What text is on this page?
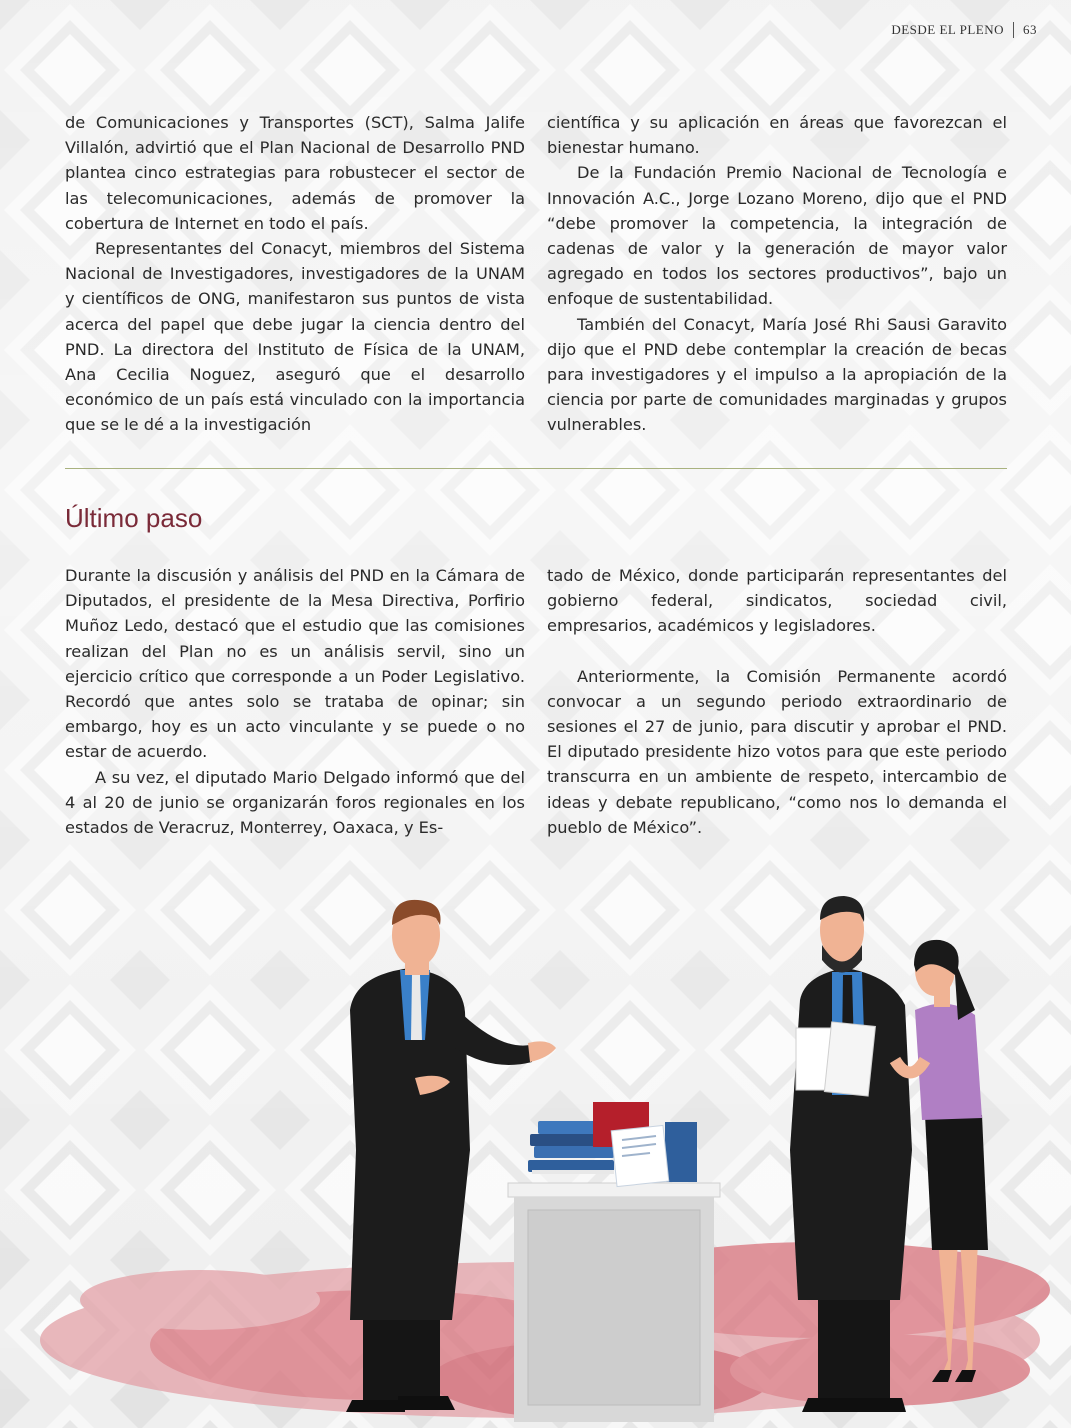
DESDE EL PLENO 63

de Comunicaciones y Transportes (SCT), Salma Jalife Villalón, advirtió que el Plan Nacional de Desarrollo PND plantea cinco estrategias para robustecer el sector de las telecomunicaciones, además de promover la cobertura de Internet en todo el país.

Representantes del Conacyt, miembros del Sistema Nacional de Investigadores, investigadores de la UNAM y científicos de ONG, manifestaron sus puntos de vista acerca del papel que debe jugar la ciencia dentro del PND. La directora del Instituto de Física de la UNAM, Ana Cecilia Noguez, aseguró que el desarrollo económico de un país está vinculado con la importancia que se le dé a la investigación

científica y su aplicación en áreas que favorezcan el bienestar humano.

De la Fundación Premio Nacional de Tecnología e Innovación A.C., Jorge Lozano Moreno, dijo que el PND “debe promover la competencia, la integración de cadenas de valor y la generación de mayor valor agregado en todos los sectores productivos”, bajo un enfoque de sustentabilidad.

También del Conacyt, María José Rhi Sausi Garavito dijo que el PND debe contemplar la creación de becas para investigadores y el impulso a la apropiación de la ciencia por parte de comunidades marginadas y grupos vulnerables.

Último paso

Durante la discusión y análisis del PND en la Cámara de Diputados, el presidente de la Mesa Directiva, Porfirio Muñoz Ledo, destacó que el estudio que las comisiones realizan del Plan no es un análisis servil, sino un ejercicio crítico que corresponde a un Poder Legislativo. Recordó que antes solo se trataba de opinar; sin embargo, hoy es un acto vinculante y se puede o no estar de acuerdo.

A su vez, el diputado Mario Delgado informó que del 4 al 20 de junio se organizarán foros regionales en los estados de Veracruz, Monterrey, Oaxaca, y Es-

tado de México, donde participarán representantes del gobierno federal, sindicatos, sociedad civil, empresarios, académicos y legisladores.

Anteriormente, la Comisión Permanente acordó convocar a un segundo periodo extraordinario de sesiones el 27 de junio, para discutir y aprobar el PND. El diputado presidente hizo votos para que este periodo transcurra en un ambiente de respeto, intercambio de ideas y debate republicano, “como nos lo demanda el pueblo de México”.
